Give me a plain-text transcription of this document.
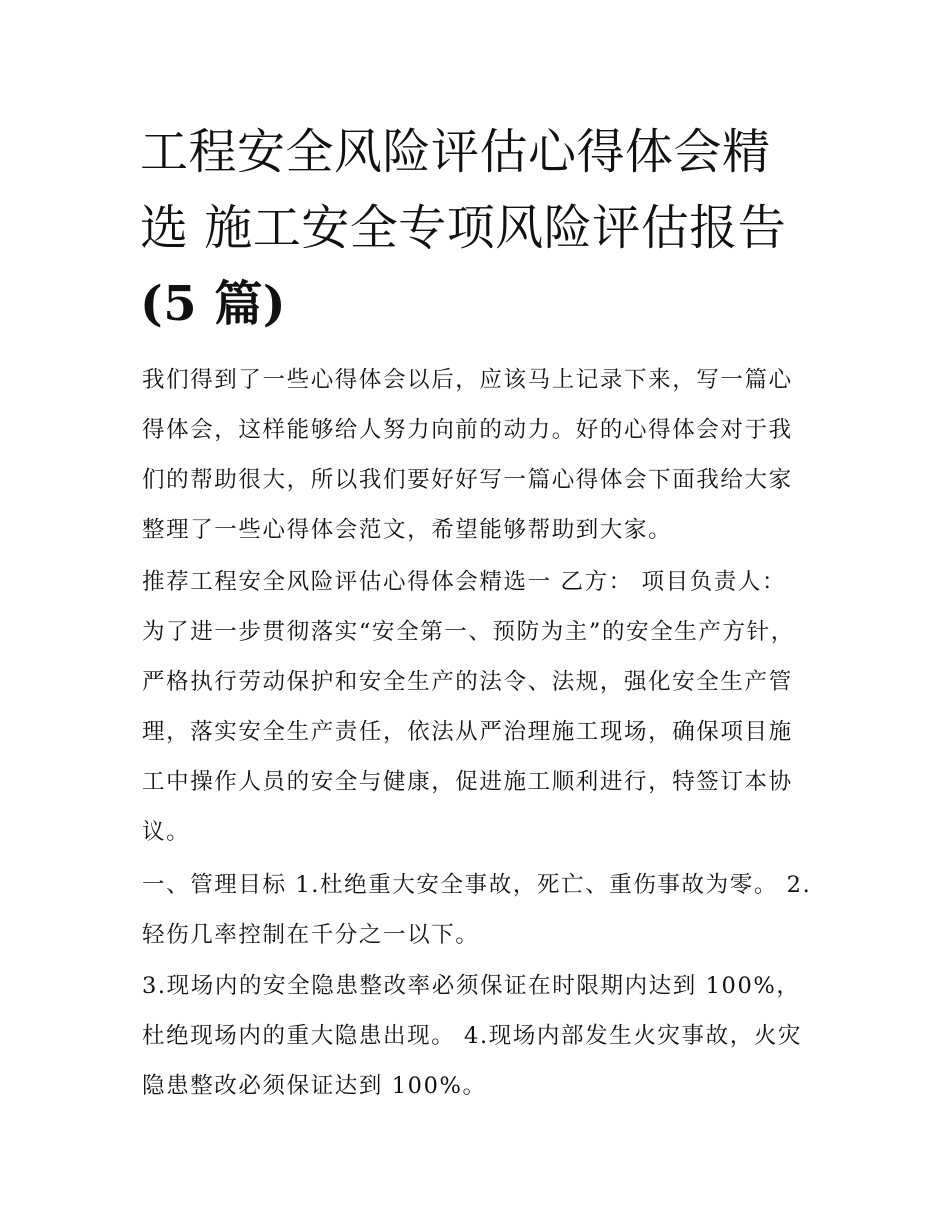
工程安全风险评估心得体会精
选 施工安全专项风险评估报告
(5 篇)

我们得到了一些心得体会以后，应该马上记录下来，写一篇心
得体会，这样能够给人努力向前的动力。好的心得体会对于我
们的帮助很大，所以我们要好好写一篇心得体会下面我给大家
整理了一些心得体会范文，希望能够帮助到大家。

推荐工程安全风险评估心得体会精选一 乙方： 项目负责人：
为了进一步贯彻落实“安全第一、预防为主”的安全生产方针，
严格执行劳动保护和安全生产的法令、法规，强化安全生产管
理，落实安全生产责任，依法从严治理施工现场，确保项目施
工中操作人员的安全与健康，促进施工顺利进行，特签订本协
议。

一、管理目标 1.杜绝重大安全事故，死亡、重伤事故为零。 2.
轻伤几率控制在千分之一以下。

3.现场内的安全隐患整改率必须保证在时限期内达到 100%，
杜绝现场内的重大隐患出现。 4.现场内部发生火灾事故，火灾
隐患整改必须保证达到 100%。
